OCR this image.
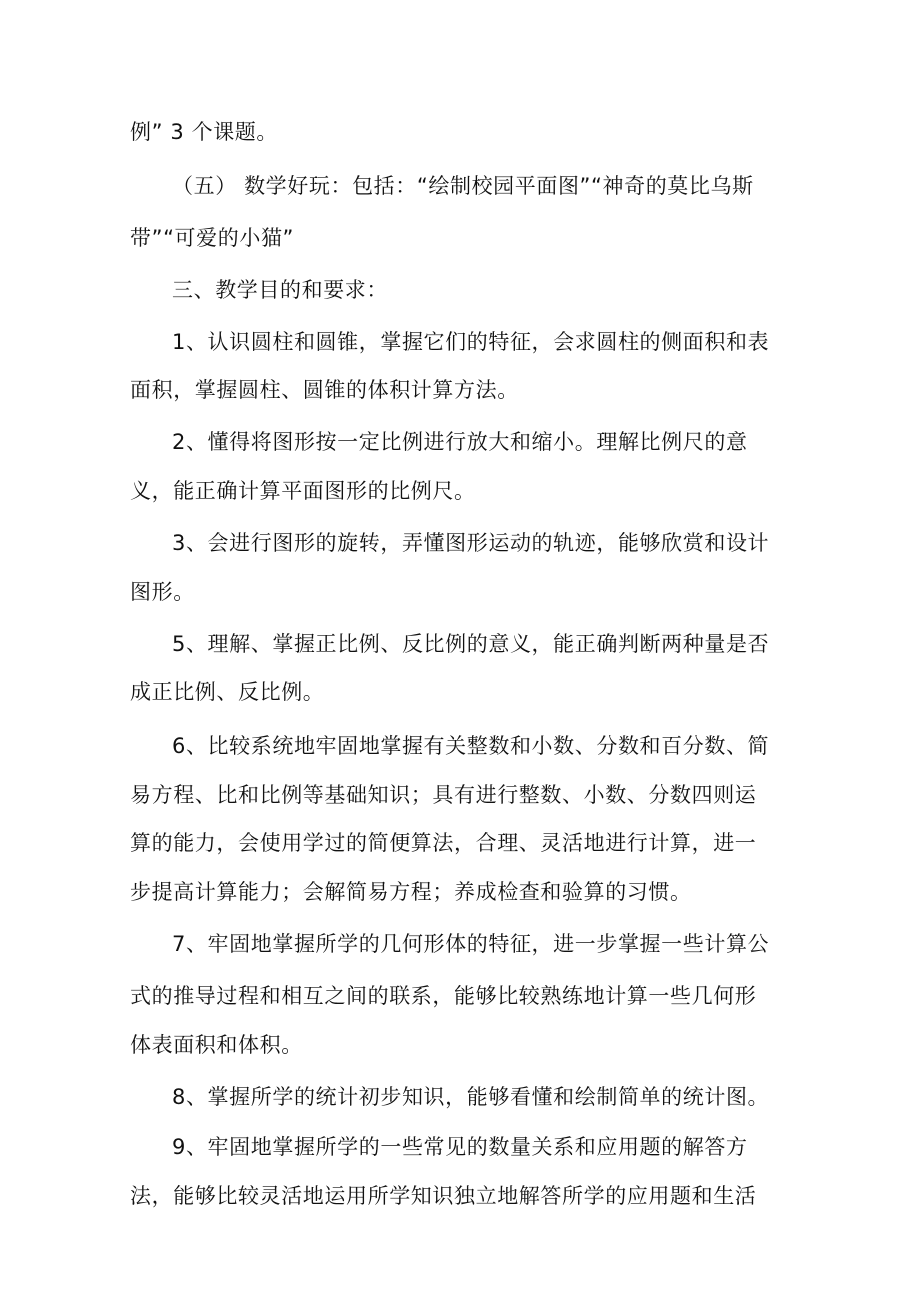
例” 3 个课题。
（五） 数学好玩：包括：“绘制校园平面图”“神奇的莫比乌斯
带”“可爱的小猫”
三、教学目的和要求：
1、认识圆柱和圆锥，掌握它们的特征，会求圆柱的侧面积和表
面积，掌握圆柱、圆锥的体积计算方法。
2、懂得将图形按一定比例进行放大和缩小。理解比例尺的意
义，能正确计算平面图形的比例尺。
3、会进行图形的旋转，弄懂图形运动的轨迹，能够欣赏和设计
图形。
5、理解、掌握正比例、反比例的意义，能正确判断两种量是否
成正比例、反比例。
6、比较系统地牢固地掌握有关整数和小数、分数和百分数、简
易方程、比和比例等基础知识；具有进行整数、小数、分数四则运
算的能力，会使用学过的简便算法，合理、灵活地进行计算，进一
步提高计算能力；会解简易方程；养成检查和验算的习惯。
7、牢固地掌握所学的几何形体的特征，进一步掌握一些计算公
式的推导过程和相互之间的联系，能够比较熟练地计算一些几何形
体表面积和体积。
8、掌握所学的统计初步知识，能够看懂和绘制简单的统计图。
9、牢固地掌握所学的一些常见的数量关系和应用题的解答方
法，能够比较灵活地运用所学知识独立地解答所学的应用题和生活
